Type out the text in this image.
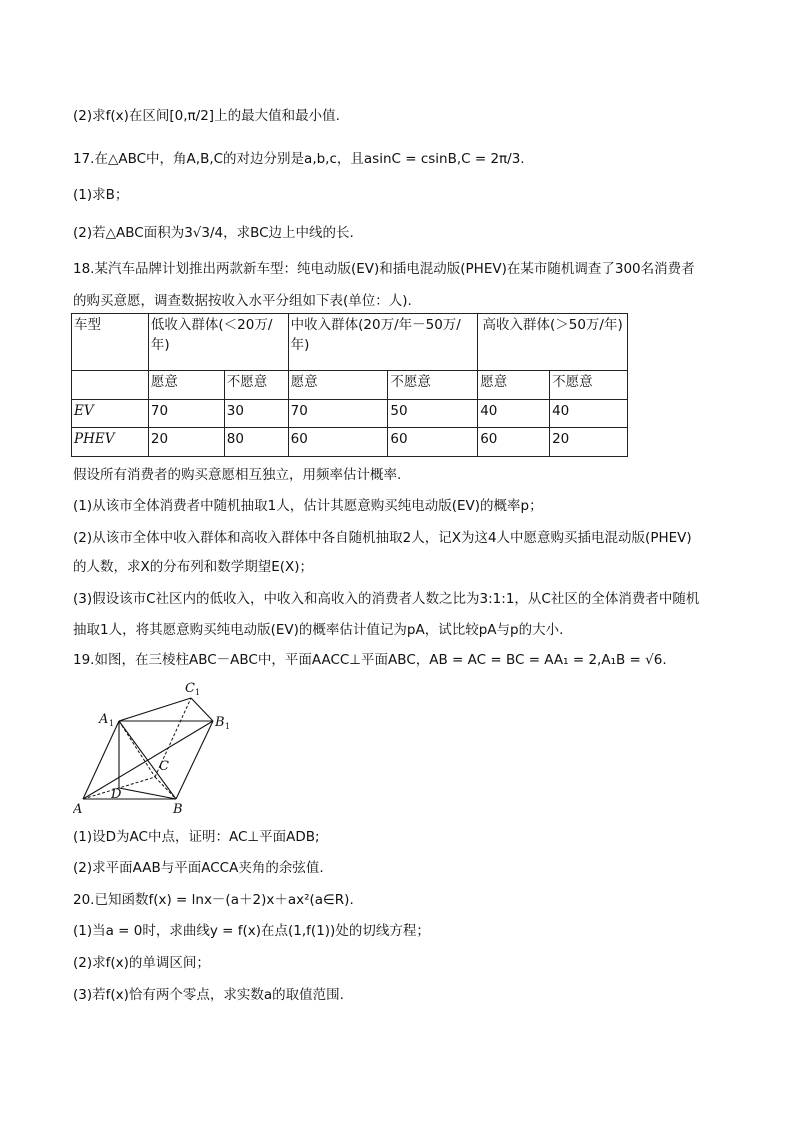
(2)求f(x)在区间[0,π/2]上的最大值和最小值.
17.在△ABC中，角A,B,C的对边分别是a,b,c，且asinC = csinB,C = 2π/3.
(1)求B；
(2)若△ABC面积为3√3/4，求BC边上中线的长.
18.某汽车品牌计划推出两款新车型：纯电动版(EV)和插电混动版(PHEV)在某市随机调查了300名消费者
的购买意愿，调查数据按收入水平分组如下表(单位：人).
车型	低收入群体(＜20万/年)		中收入群体(20万/年－50万/年)		高收入群体(＞50万/年)	
	愿意	不愿意	愿意	不愿意	愿意	不愿意
EV	70	30	70	50	40	40
PHEV	20	80	60	60	60	20
假设所有消费者的购买意愿相互独立，用频率估计概率.
(1)从该市全体消费者中随机抽取1人，估计其愿意购买纯电动版(EV)的概率p；
(2)从该市全体中收入群体和高收入群体中各自随机抽取2人，记X为这4人中愿意购买插电混动版(PHEV)
的人数，求X的分布列和数学期望E(X)；
(3)假设该市C社区内的低收入，中收入和高收入的消费者人数之比为3:1:1，从C社区的全体消费者中随机
抽取1人，将其愿意购买纯电动版(EV)的概率估计值记为pA，试比较pA与p的大小.
19.如图，在三棱柱ABC－ABC中，平面AACC⊥平面ABC，AB = AC = BC = AA₁ = 2,A₁B = √6.
A	B
C
D
A	B
C
1	1
1
(1)设D为AC中点，证明：AC⊥平面ADB;
(2)求平面AAB与平面ACCA夹角的余弦值.
20.已知函数f(x) = lnx－(a＋2)x＋ax²(a∈R).
(1)当a = 0时，求曲线y = f(x)在点(1,f(1))处的切线方程；
(2)求f(x)的单调区间；
(3)若f(x)恰有两个零点，求实数a的取值范围.
